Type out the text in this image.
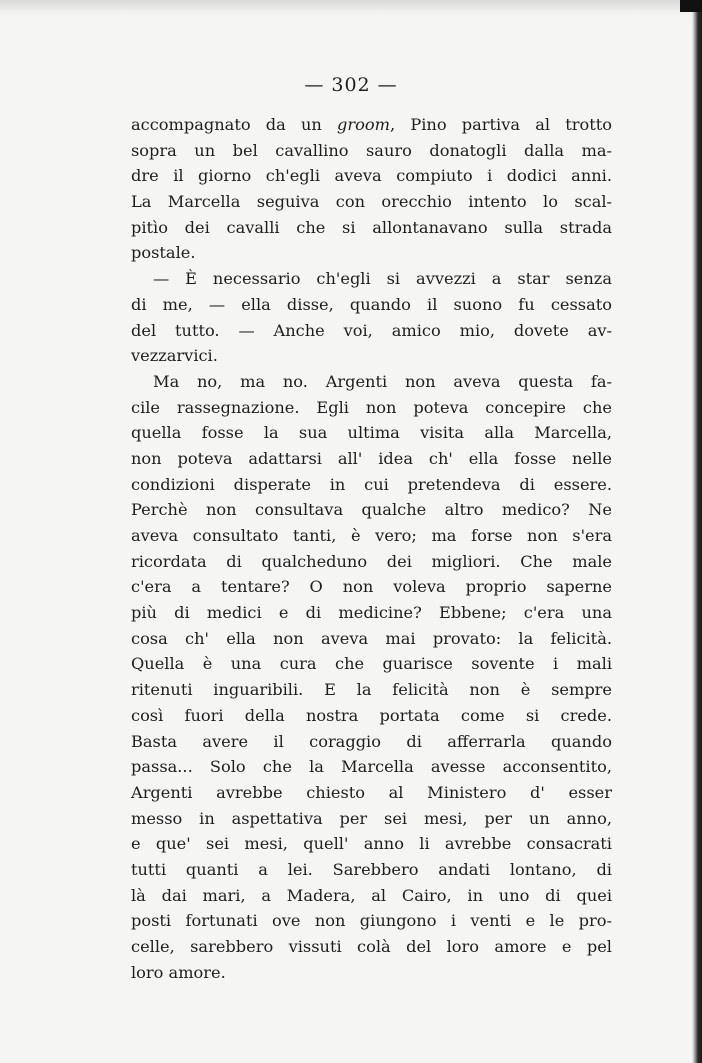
— 302 —
accompagnato da un groom, Pino partiva al trotto
sopra un bel cavallino sauro donatogli dalla ma-
dre il giorno ch'egli aveva compiuto i dodici anni.
La Marcella seguiva con orecchio intento lo scal-
pitìo dei cavalli che si allontanavano sulla strada
postale.
— È necessario ch'egli si avvezzi a star senza
di me, — ella disse, quando il suono fu cessato
del tutto. — Anche voi, amico mio, dovete av-
vezzarvici.
Ma no, ma no. Argenti non aveva questa fa-
cile rassegnazione. Egli non poteva concepire che
quella fosse la sua ultima visita alla Marcella,
non poteva adattarsi all' idea ch' ella fosse nelle
condizioni disperate in cui pretendeva di essere.
Perchè non consultava qualche altro medico? Ne
aveva consultato tanti, è vero; ma forse non s'era
ricordata di qualcheduno dei migliori. Che male
c'era a tentare? O non voleva proprio saperne
più di medici e di medicine? Ebbene; c'era una
cosa ch' ella non aveva mai provato: la felicità.
Quella è una cura che guarisce sovente i mali
ritenuti inguaribili. E la felicità non è sempre
così fuori della nostra portata come si crede.
Basta avere il coraggio di afferrarla quando
passa... Solo che la Marcella avesse acconsentito,
Argenti avrebbe chiesto al Ministero d' esser
messo in aspettativa per sei mesi, per un anno,
e que' sei mesi, quell' anno li avrebbe consacrati
tutti quanti a lei. Sarebbero andati lontano, di
là dai mari, a Madera, al Cairo, in uno di quei
posti fortunati ove non giungono i venti e le pro-
celle, sarebbero vissuti colà del loro amore e pel
loro amore.
